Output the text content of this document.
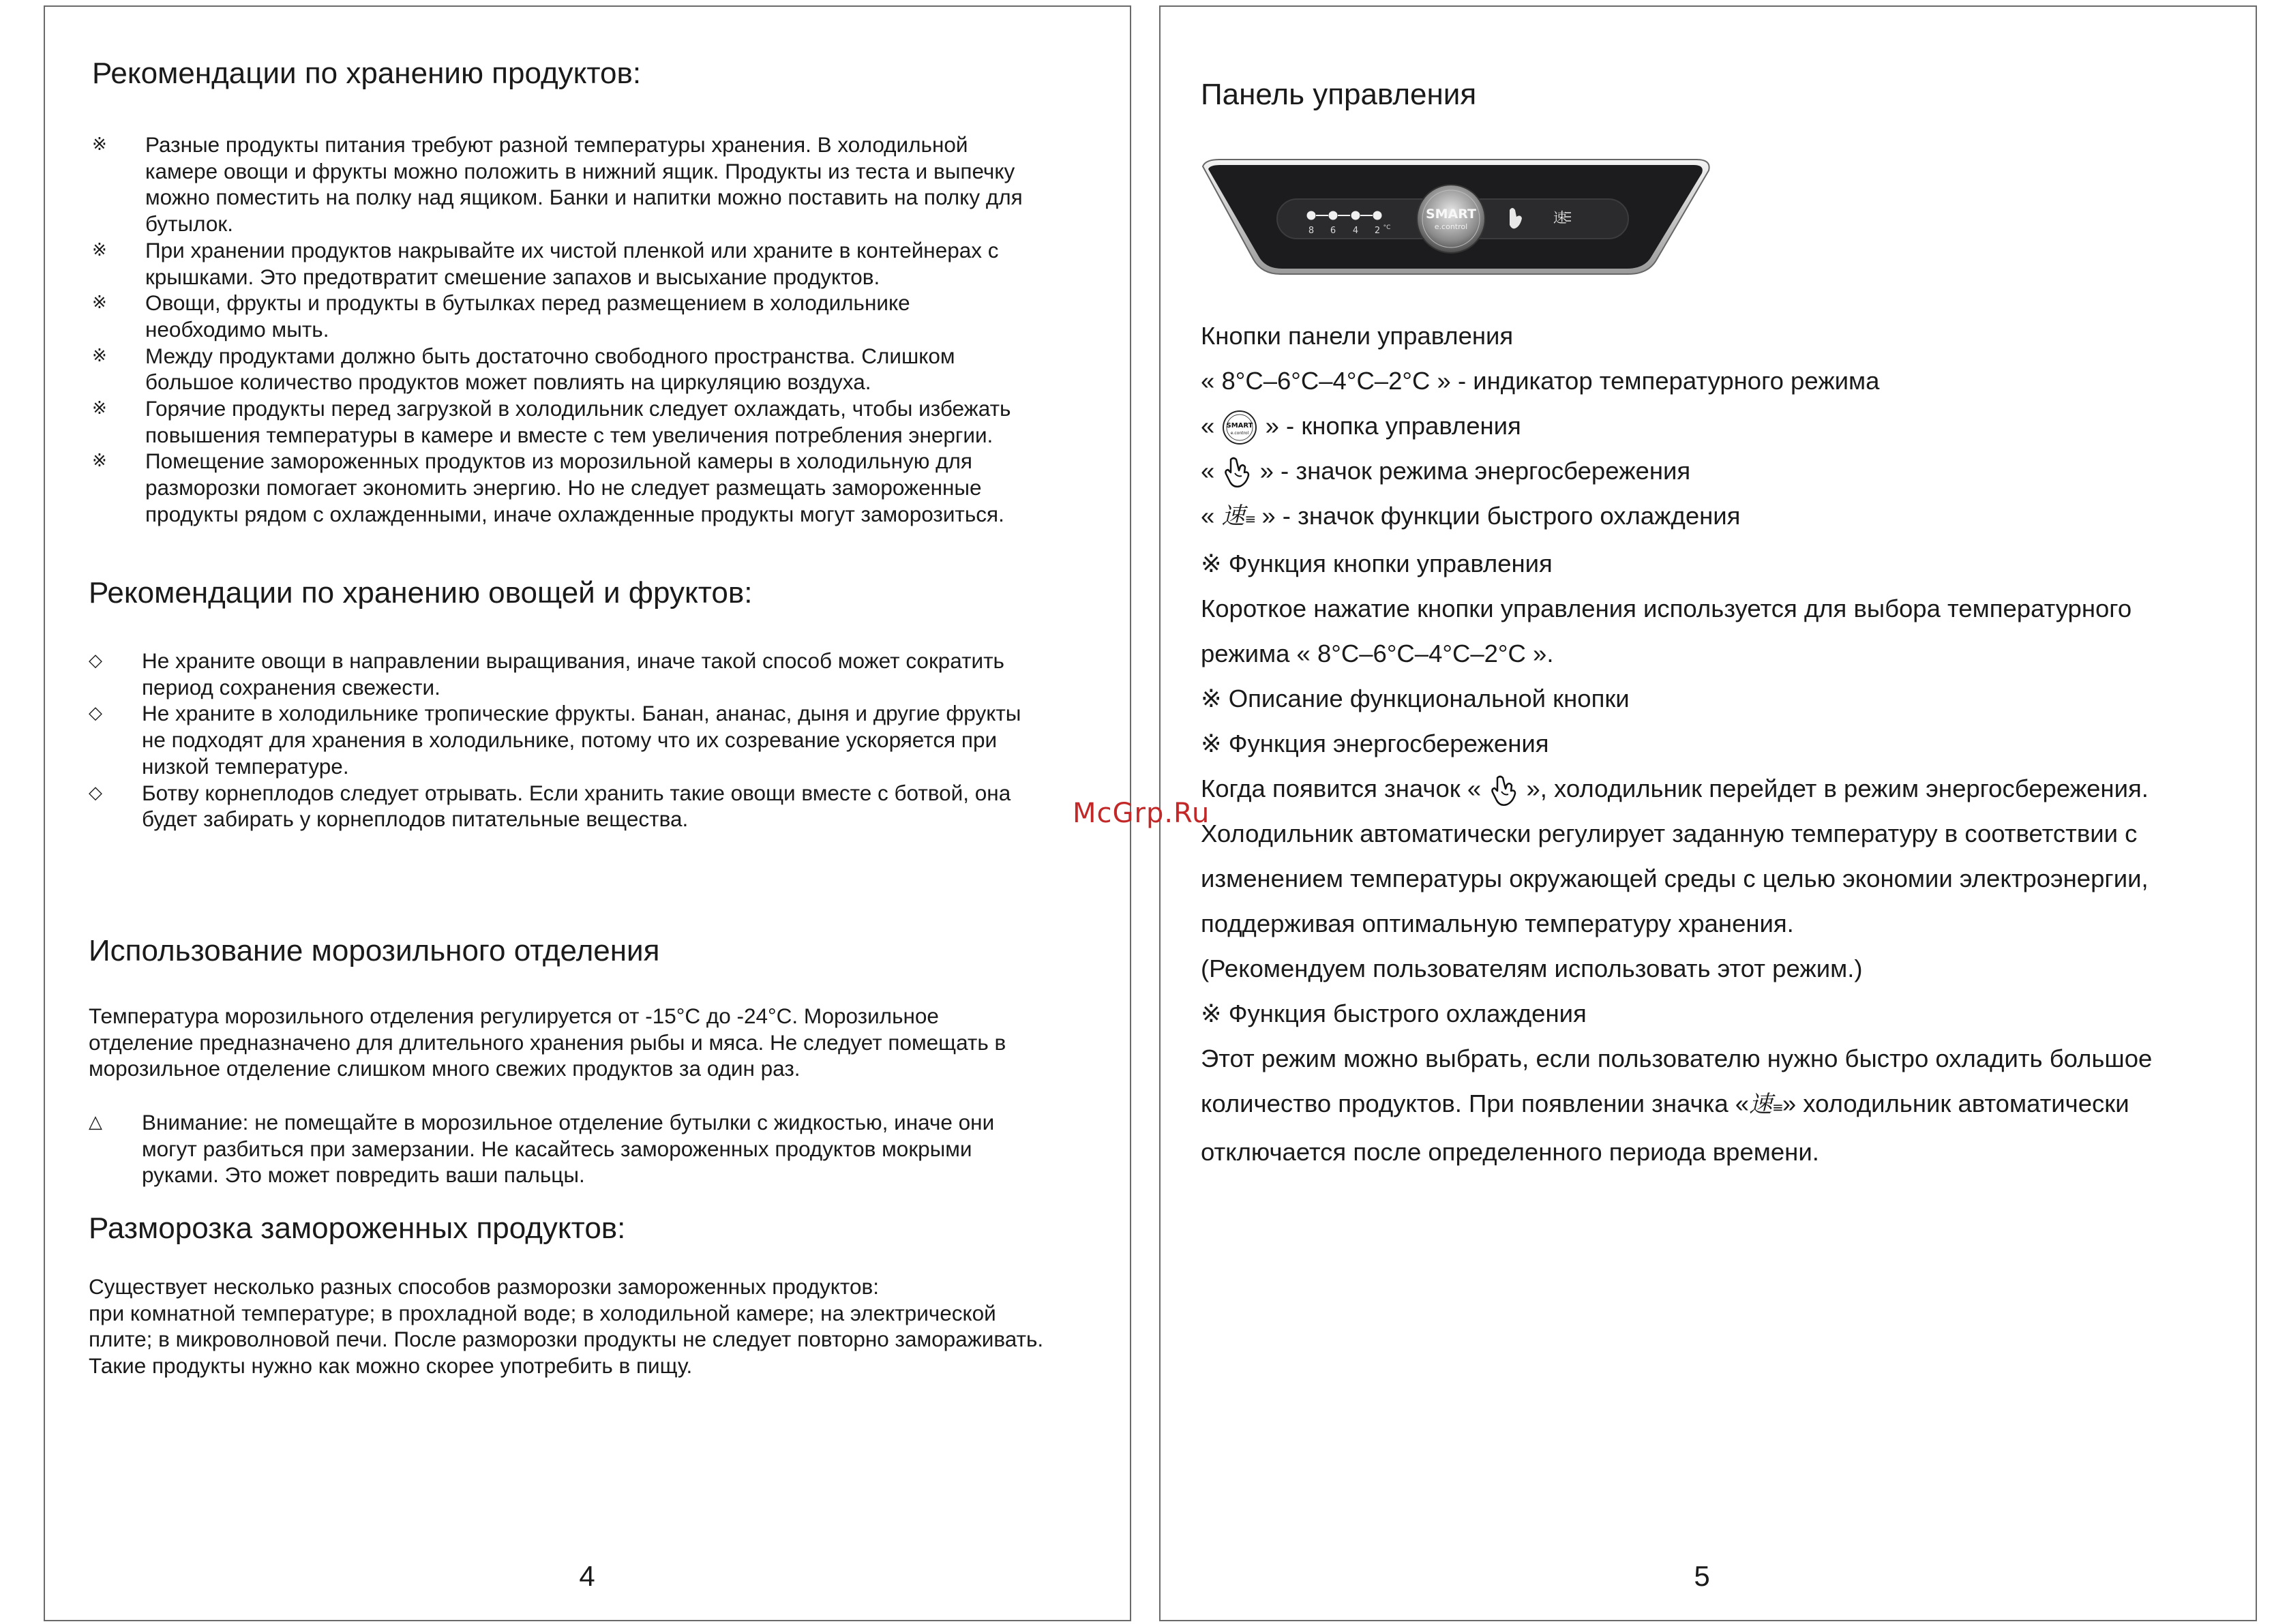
Рекомендации по хранению продуктов:
※	Разные продукты питания требуют разной температуры хранения. В холодильной
камере овощи и фрукты можно положить в нижний ящик. Продукты из теста и выпечку
можно поместить на полку над ящиком. Банки и напитки можно поставить на полку для
бутылок.
※	При хранении продуктов накрывайте их чистой пленкой или храните в контейнерах с
крышками. Это предотвратит смешение запахов и высыхание продуктов.
※	Овощи, фрукты и продукты в бутылках перед размещением в холодильнике
необходимо мыть.
※	Между продуктами должно быть достаточно свободного пространства. Слишком
большое количество продуктов может повлиять на циркуляцию воздуха.
※	Горячие продукты перед загрузкой в холодильник следует охлаждать, чтобы избежать
повышения температуры в камере и вместе с тем увеличения потребления энергии.
※	Помещение замороженных продуктов из морозильной камеры в холодильную для
разморозки помогает экономить энергию. Но не следует размещать замороженные
продукты рядом с охлажденными, иначе охлажденные продукты могут заморозиться.
Рекомендации по хранению овощей и фруктов:
◇	Не храните овощи в направлении выращивания, иначе такой способ может сократить
период сохранения свежести.
◇	Не храните в холодильнике тропические фрукты. Банан, ананас, дыня и другие фрукты
не подходят для хранения в холодильнике, потому что их созревание ускоряется при
низкой температуре.
◇	Ботву корнеплодов следует отрывать. Если хранить такие овощи вместе с ботвой, она
будет забирать у корнеплодов питательные вещества.
Использование морозильного отделения
Температура морозильного отделения регулируется от -15°С до -24°С. Морозильное
отделение предназначено для длительного хранения рыбы и мяса. Не следует помещать в
морозильное отделение слишком много свежих продуктов за один раз.
△	Внимание: не помещайте в морозильное отделение бутылки с жидкостью, иначе они
могут разбиться при замерзании. Не касайтесь замороженных продуктов мокрыми
руками. Это может повредить ваши пальцы.
Разморозка замороженных продуктов:
Существует несколько разных способов разморозки замороженных продуктов:
при комнатной температуре; в прохладной воде; в холодильной камере; на электрической
плите; в микроволновой печи. После разморозки продукты не следует повторно замораживать.
Такие продукты нужно как можно скорее употребить в пищу.
4
Панель управления
8 6 4 2 °C
SMART
e.control
速
Кнопки панели управления
« 8°C–6°C–4°C–2°C » - индикатор температурного режима
« SMART
e.control » - кнопка управления
«  » - значок режима энергосбережения
« 速≡ » - значок функции быстрого охлаждения
※ Функция кнопки управления
Короткое нажатие кнопки управления используется для выбора температурного
режима « 8°C–6°C–4°C–2°C ».
※ Описание функциональной кнопки
※ Функция энергосбережения
Когда появится значок «  », холодильник перейдет в режим энергосбережения.
Холодильник автоматически регулирует заданную температуру в соответствии с
изменением температуры окружающей среды с целью экономии электроэнергии,
поддерживая оптимальную температуру хранения.
(Рекомендуем пользователям использовать этот режим.)
※ Функция быстрого охлаждения
Этот режим можно выбрать, если пользователю нужно быстро охладить большое
количество продуктов. При появлении значка «速≡» холодильник автоматически
отключается после определенного периода времени.
5
McGrp.Ru
